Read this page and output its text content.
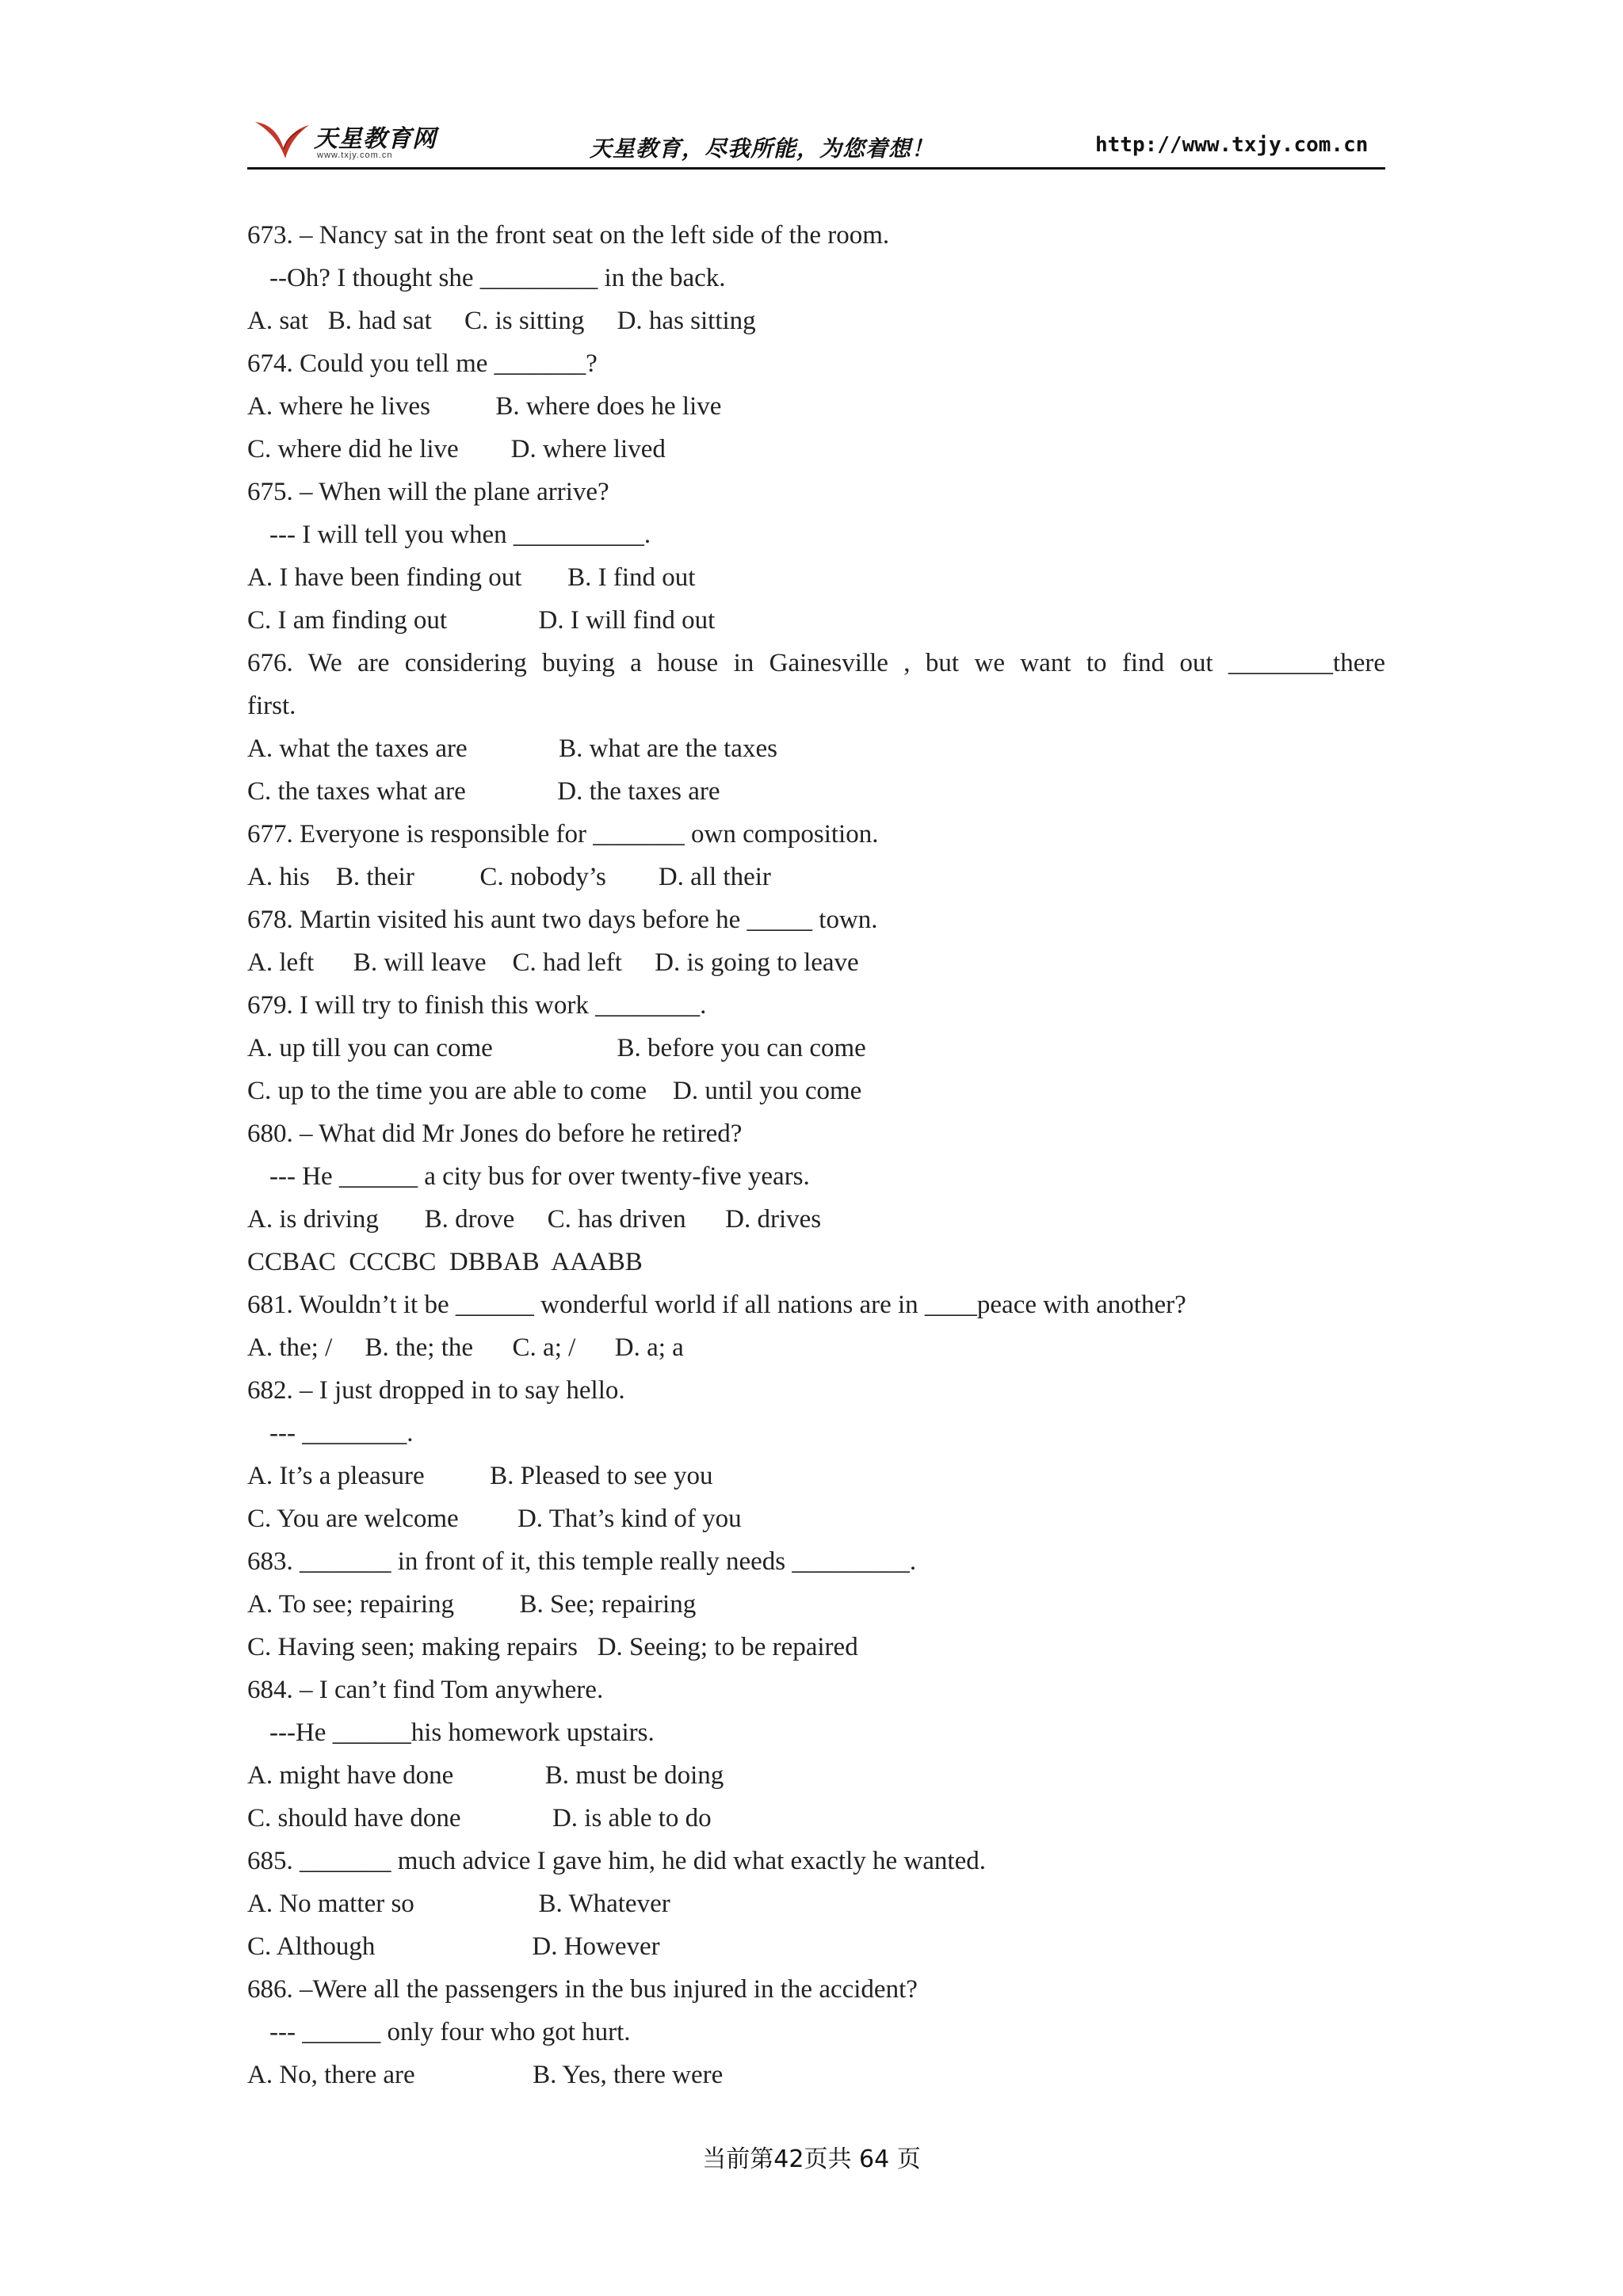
天星教育网
www.txjy.com.cn	天星教育，尽我所能，为您着想！	http://www.txjy.com.cn
673. – Nancy sat in the front seat on the left side of the room.
--Oh? I thought she _________ in the back.
A. sat   B. had sat     C. is sitting     D. has sitting
674. Could you tell me _______?
A. where he lives          B. where does he live
C. where did he live        D. where lived
675. – When will the plane arrive?
--- I will tell you when __________.
A. I have been finding out       B. I find out
C. I am finding out              D. I will find out
676. We are considering buying a house in Gainesville , but we want to find out ________there
first.
A. what the taxes are              B. what are the taxes
C. the taxes what are              D. the taxes are
677. Everyone is responsible for _______ own composition.
A. his    B. their          C. nobody’s        D. all their
678. Martin visited his aunt two days before he _____ town.
A. left      B. will leave    C. had left     D. is going to leave
679. I will try to finish this work ________.
A. up till you can come                   B. before you can come
C. up to the time you are able to come    D. until you come
680. – What did Mr Jones do before he retired?
--- He ______ a city bus for over twenty-five years.
A. is driving       B. drove     C. has driven      D. drives
CCBAC  CCCBC  DBBAB  AAABB
681. Wouldn’t it be ______ wonderful world if all nations are in ____peace with another?
A. the; /     B. the; the      C. a; /      D. a; a
682. – I just dropped in to say hello.
--- ________.
A. It’s a pleasure          B. Pleased to see you
C. You are welcome         D. That’s kind of you
683. _______ in front of it, this temple really needs _________.
A. To see; repairing          B. See; repairing
C. Having seen; making repairs   D. Seeing; to be repaired
684. – I can’t find Tom anywhere.
---He ______his homework upstairs.
A. might have done              B. must be doing
C. should have done              D. is able to do
685. _______ much advice I gave him, he did what exactly he wanted.
A. No matter so                   B. Whatever
C. Although                        D. However
686. –Were all the passengers in the bus injured in the accident?
--- ______ only four who got hurt.
A. No, there are                  B. Yes, there were
当前第42页共 64 页
